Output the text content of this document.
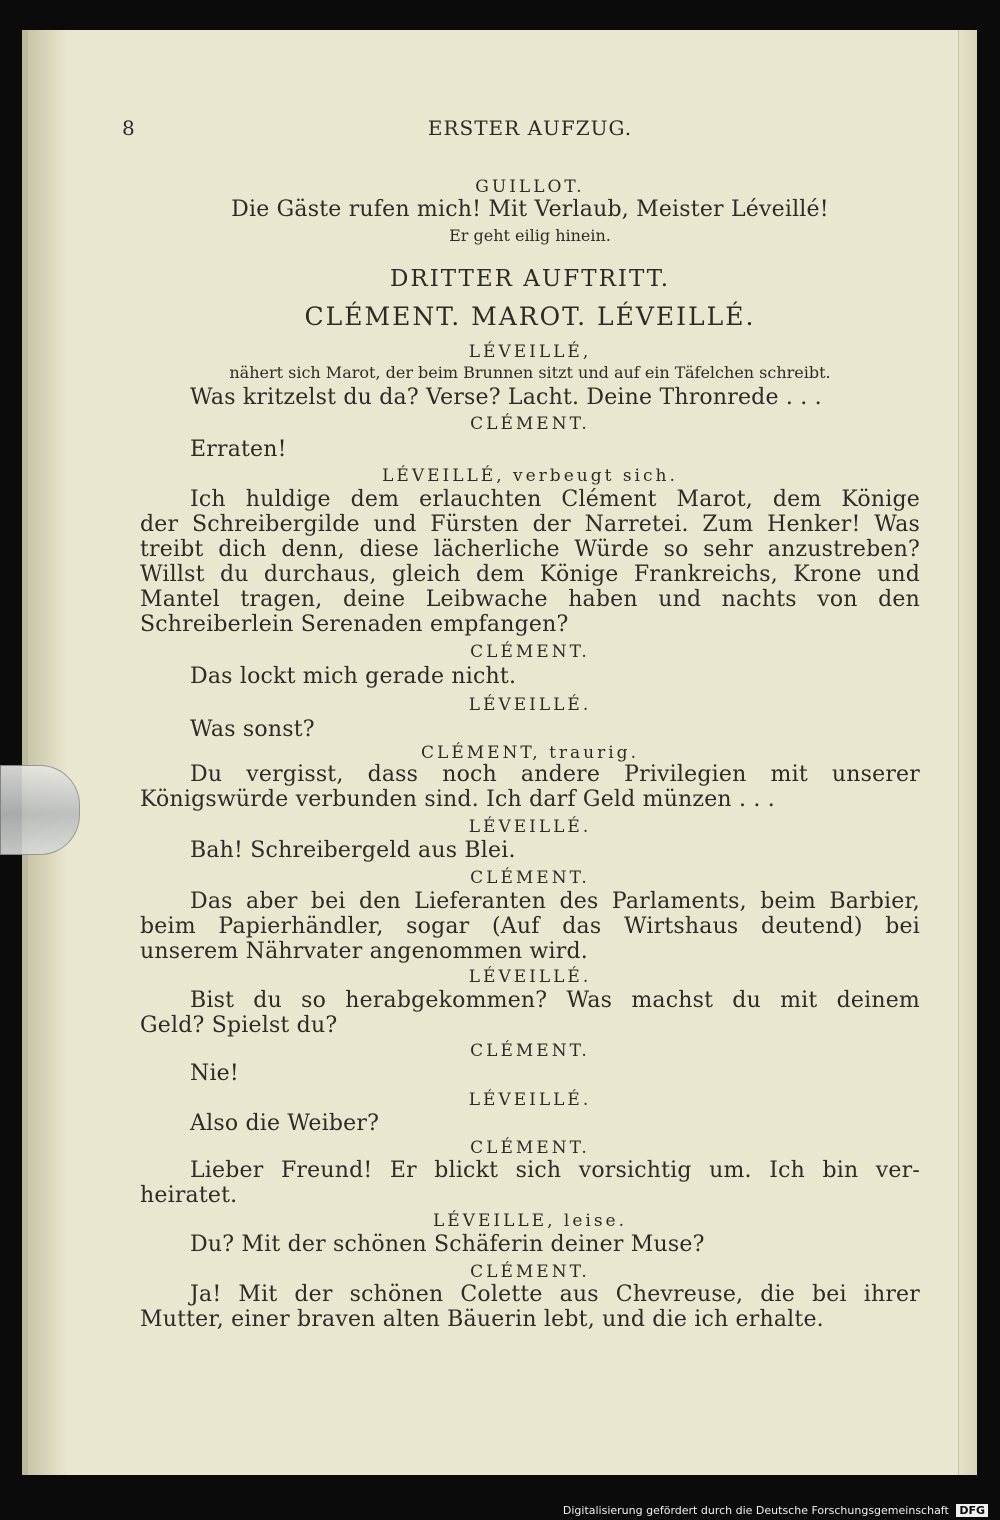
8	ERSTER AUFZUG.
GUILLOT.
Die Gäste rufen mich! Mit Verlaub, Meister Léveillé!
Er geht eilig hinein.
DRITTER AUFTRITT.
CLÉMENT. MAROT. LÉVEILLÉ.
LÉVEILLÉ,
nähert sich Marot, der beim Brunnen sitzt und auf ein Täfelchen schreibt.
Was kritzelst du da? Verse? Lacht. Deine Thronrede . . .
CLÉMENT.
Erraten!
LÉVEILLÉ, verbeugt sich.
Ich huldige dem erlauchten Clément Marot, dem Könige
der Schreibergilde und Fürsten der Narretei. Zum Henker! Was
treibt dich denn, diese lächerliche Würde so sehr anzustreben?
Willst du durchaus, gleich dem Könige Frankreichs, Krone und
Mantel tragen, deine Leibwache haben und nachts von den
Schreiberlein Serenaden empfangen?
CLÉMENT.
Das lockt mich gerade nicht.
LÉVEILLÉ.
Was sonst?
CLÉMENT, traurig.
Du vergisst, dass noch andere Privilegien mit unserer
Königswürde verbunden sind. Ich darf Geld münzen . . .
LÉVEILLÉ.
Bah! Schreibergeld aus Blei.
CLÉMENT.
Das aber bei den Lieferanten des Parlaments, beim Barbier,
beim Papierhändler, sogar (Auf das Wirtshaus deutend) bei
unserem Nährvater angenommen wird.
LÉVEILLÉ.
Bist du so herabgekommen? Was machst du mit deinem
Geld? Spielst du?
CLÉMENT.
Nie!
LÉVEILLÉ.
Also die Weiber?
CLÉMENT.
Lieber Freund! Er blickt sich vorsichtig um. Ich bin ver-
heiratet.
LÉVEILLE, leise.
Du? Mit der schönen Schäferin deiner Muse?
CLÉMENT.
Ja! Mit der schönen Colette aus Chevreuse, die bei ihrer
Mutter, einer braven alten Bäuerin lebt, und die ich erhalte.
Digitalisierung gefördert durch die Deutsche Forschungsgemeinschaft DFG
